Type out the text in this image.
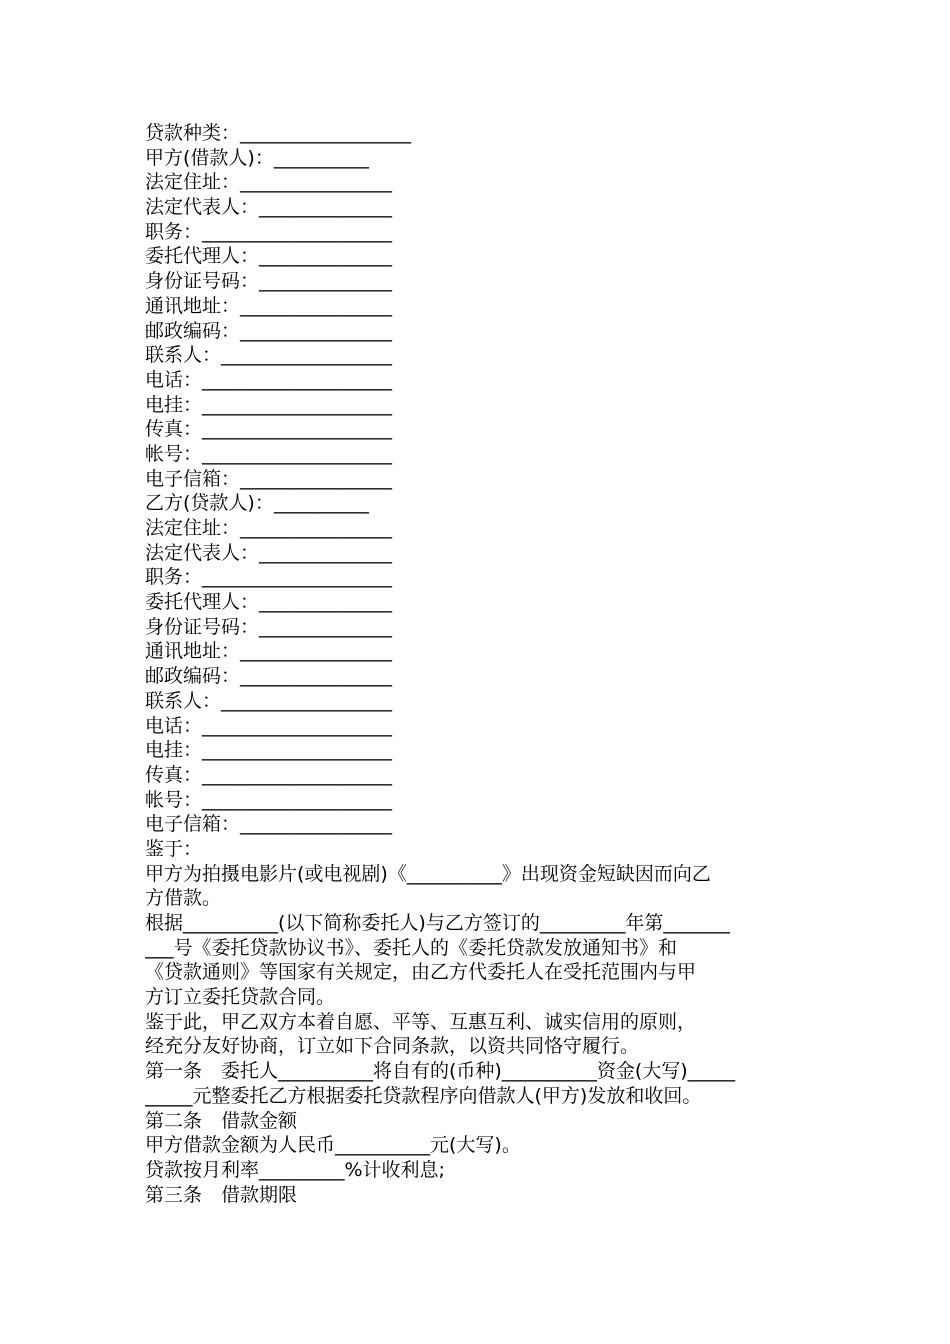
贷款种类：__________________
甲方(借款人)：__________
法定住址：________________
法定代表人：______________
职务：____________________
委托代理人：______________
身份证号码：______________
通讯地址：________________
邮政编码：________________
联系人：__________________
电话：____________________
电挂：____________________
传真：____________________
帐号：____________________
电子信箱：________________
乙方(贷款人)：__________
法定住址：________________
法定代表人：______________
职务：____________________
委托代理人：______________
身份证号码：______________
通讯地址：________________
邮政编码：________________
联系人：__________________
电话：____________________
电挂：____________________
传真：____________________
帐号：____________________
电子信箱：________________
鉴于：
甲方为拍摄电影片(或电视剧)《__________》出现资金短缺因而向乙
方借款。
根据__________(以下简称委托人)与乙方签订的_________年第_______
___号《委托贷款协议书》、委托人的《委托贷款发放通知书》和
《贷款通则》等国家有关规定，由乙方代委托人在受托范围内与甲
方订立委托贷款合同。
鉴于此，甲乙双方本着自愿、平等、互惠互利、诚实信用的原则，
经充分友好协商，订立如下合同条款，以资共同恪守履行。
第一条　委托人__________将自有的(币种)__________资金(大写)_____
_____元整委托乙方根据委托贷款程序向借款人(甲方)发放和收回。
第二条　借款金额
甲方借款金额为人民币__________元(大写)。
贷款按月利率_________%计收利息;
第三条　借款期限
